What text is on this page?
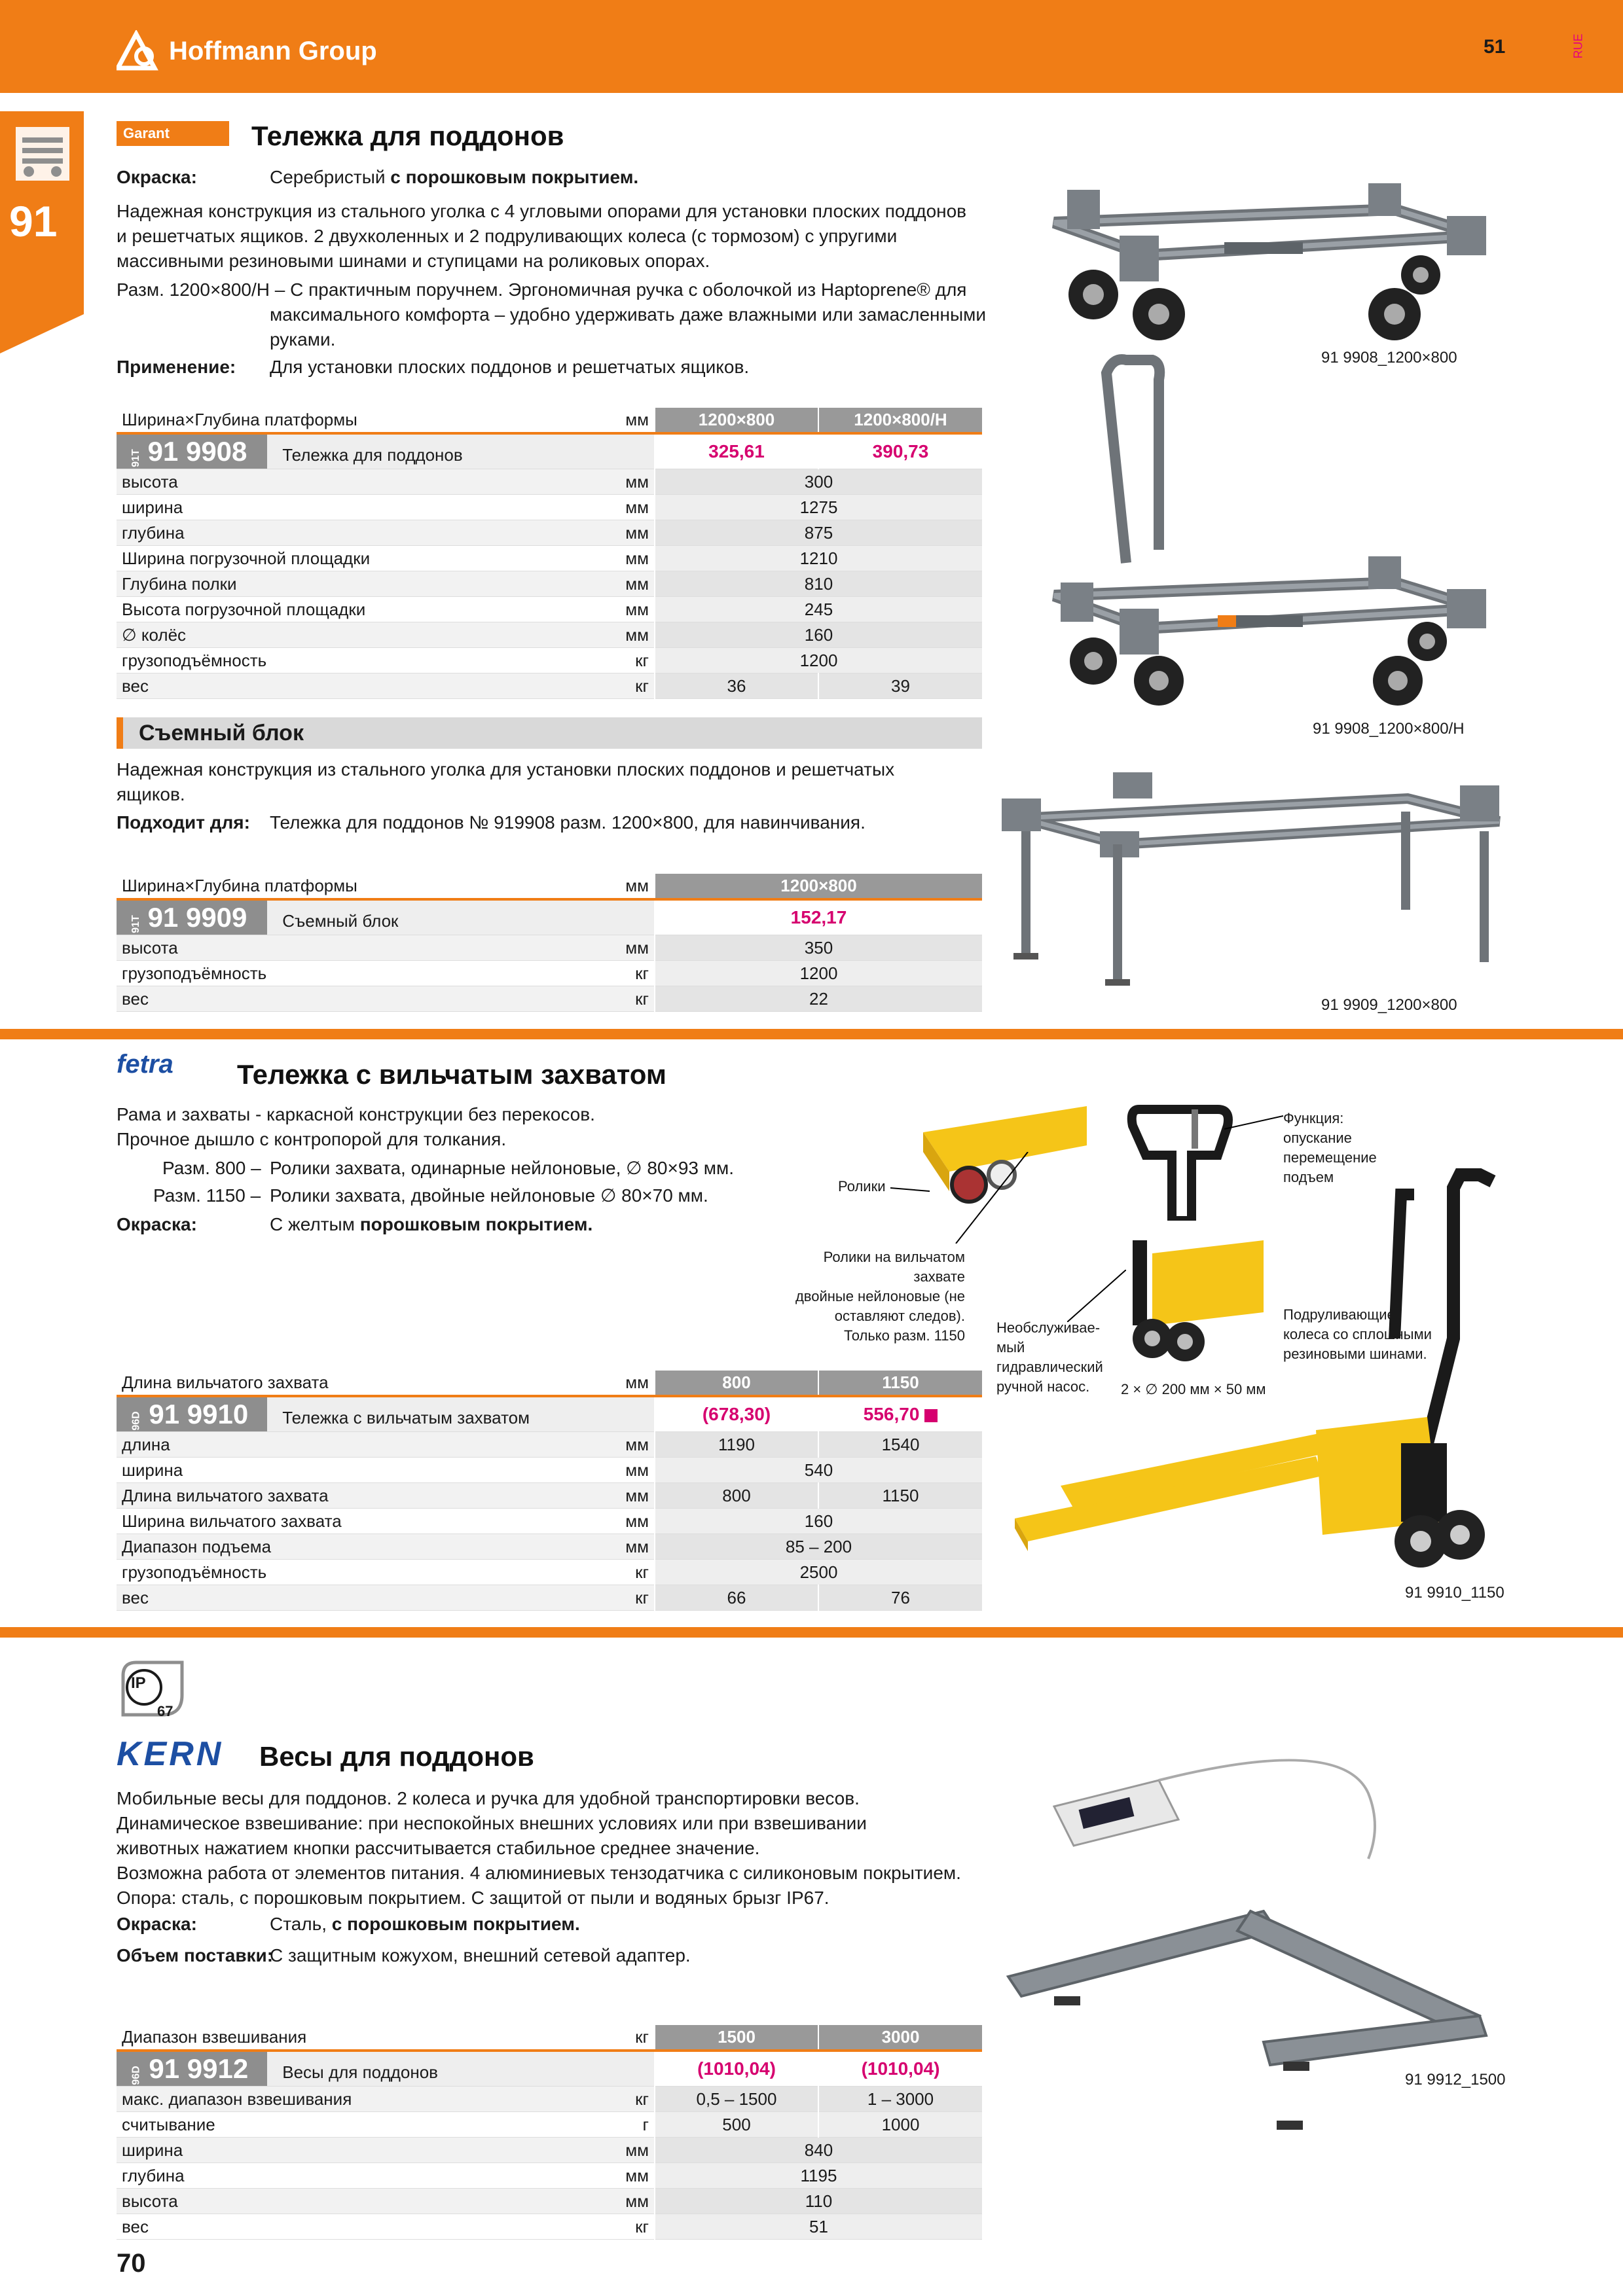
Hoffmann Group	51	RUE
91
Garant	Тележка для поддонов
Окраска:	Серебристый с порошковым покрытием.
Надежная конструкция из стального уголка с 4 угловыми опорами для установки плоских поддонов
и решетчатых ящиков. 2 двухколенных и 2 подруливающих колеса (с тормозом) с упругими
массивными резиновыми шинами и ступицами на роликовых опорах.
Разм. 1200×800/H – С практичным поручнем. Эргономичная ручка с оболочкой из Haptoprene® для
максимального комфорта – удобно удерживать даже влажными или замасленными
руками.
Применение: Для установки плоских поддонов и решетчатых ящиков.	91 9908_1200×800
91 9908_1200×800/H
Ширина×Глубина платформы	мм	1200×800	1200×800/H
91T 91 9908 Тележка для поддонов		325,61	390,73
высота	мм	300	
ширина	мм	1275	
глубина	мм	875	
Ширина погрузочной площадки	мм	1210	
Глубина полки	мм	810	
Высота погрузочной площадки	мм	245	
∅ колёс	мм	160	
грузоподъёмность	кг	1200	
вес	кг	36	39
Съемный блок
Надежная конструкция из стального уголка для установки плоских поддонов и решетчатых
ящиков.
Подходит для: Тележка для поддонов № 919908 разм. 1200×800, для навинчивания.
91 9909_1200×800
Ширина×Глубина платформы	мм	1200×800
91T 91 9909 Съемный блок		152,17
высота	мм	350
грузоподъёмность	кг	1200
вес	кг	22
fetra Тележка с вильчатым захватом
Рама и захваты - каркасной конструкции без перекосов.
Прочное дышло с контропорой для толкания.
Разм. 800 – Ролики захвата, одинарные нейлоновые, ∅ 80×93 мм.
Разм. 1150 – Ролики захвата, двойные нейлоновые ∅ 80×70 мм.
Окраска:	С желтым порошковым покрытием.
Ролики
Ролики на вильчатом
захвате
двойные нейлоновые (не
оставляют следов).
Только разм. 1150
Функция:
опускание
перемещение
подъем
Необслуживае-
мый
гидравлический
ручной насос.	2 × ∅ 200 мм × 50 мм
Подруливающие
колеса со сплошными
резиновыми шинами.
91 9910_1150
Длина вильчатого захвата	мм	800	1150
96D 91 9910 Тележка с вильчатым захватом		(678,30)	556,70
длина	мм	1190	1540
ширина	мм	540	
Длина вильчатого захвата	мм	800	1150
Ширина вильчатого захвата	мм	160	
Диапазон подъема	мм	85 – 200	
грузоподъёмность	кг	2500	
вес	кг	66	76
IP
67
KERN Весы для поддонов
Мобильные весы для поддонов. 2 колеса и ручка для удобной транспортировки весов.
Динамическое взвешивание: при неспокойных внешних условиях или при взвешивании
животных нажатием кнопки рассчитывается стабильное среднее значение.
Возможна работа от элементов питания. 4 алюминиевых тензодатчика с силиконовым покрытием.
Опора: сталь, с порошковым покрытием. С защитой от пыли и водяных брызг IP67.
Окраска:	Сталь, с порошковым покрытием.
Объем поставки:
С защитным кожухом, внешний сетевой адаптер.
91 9912_1500
Диапазон взвешивания	кг	1500	3000
96D 91 9912 Весы для поддонов		(1010,04)	(1010,04)
макс. диапазон взвешивания	кг	0,5 – 1500	1 – 3000
считывание	г	500	1000
ширина	мм	840	
глубина	мм	1195	
высота	мм	110	
вес	кг	51	
70
